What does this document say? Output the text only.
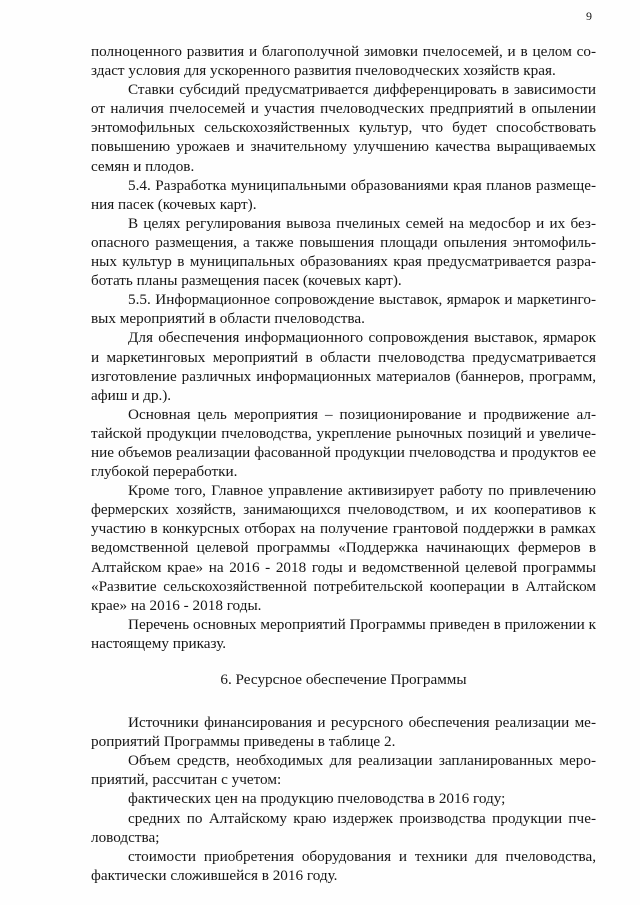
9

полноценного развития и благополучной зимовки пчелосемей, и в целом создаст условия для ускоренного развития пчеловодческих хозяйств края.

Ставки субсидий предусматривается дифференцировать в зависимости от наличия пчелосемей и участия пчеловодческих предприятий в опылении энтомофильных сельскохозяйственных культур, что будет способствовать повышению урожаев и значительному улучшению качества выращиваемых семян и плодов.

5.4. Разработка муниципальными образованиями края планов размещения пасек (кочевых карт).

В целях регулирования вывоза пчелиных семей на медосбор и их безопасного размещения, а также повышения площади опыления энтомофильных культур в муниципальных образованиях края предусматривается разработать планы размещения пасек (кочевых карт).

5.5. Информационное сопровождение выставок, ярмарок и маркетинговых мероприятий в области пчеловодства.

Для обеспечения информационного сопровождения выставок, ярмарок и маркетинговых мероприятий в области пчеловодства предусматривается изготовление различных информационных материалов (баннеров, программ, афиш и др.).

Основная цель мероприятия – позиционирование и продвижение алтайской продукции пчеловодства, укрепление рыночных позиций и увеличение объемов реализации фасованной продукции пчеловодства и продуктов ее глубокой переработки.

Кроме того, Главное управление активизирует работу по привлечению фермерских хозяйств, занимающихся пчеловодством, и их кооперативов к участию в конкурсных отборах на получение грантовой поддержки в рамках ведомственной целевой программы «Поддержка начинающих фермеров в Алтайском крае» на 2016 - 2018 годы и ведомственной целевой программы «Развитие сельскохозяйственной потребительской кооперации в Алтайском крае» на 2016 - 2018 годы.

Перечень основных мероприятий Программы приведен в приложении к настоящему приказу.

6. Ресурсное обеспечение Программы

Источники финансирования и ресурсного обеспечения реализации мероприятий Программы приведены в таблице 2.

Объем средств, необходимых для реализации запланированных мероприятий, рассчитан с учетом:

фактических цен на продукцию пчеловодства в 2016 году;

средних по Алтайскому краю издержек производства продукции пчеловодства;

стоимости приобретения оборудования и техники для пчеловодства, фактически сложившейся в 2016 году.
